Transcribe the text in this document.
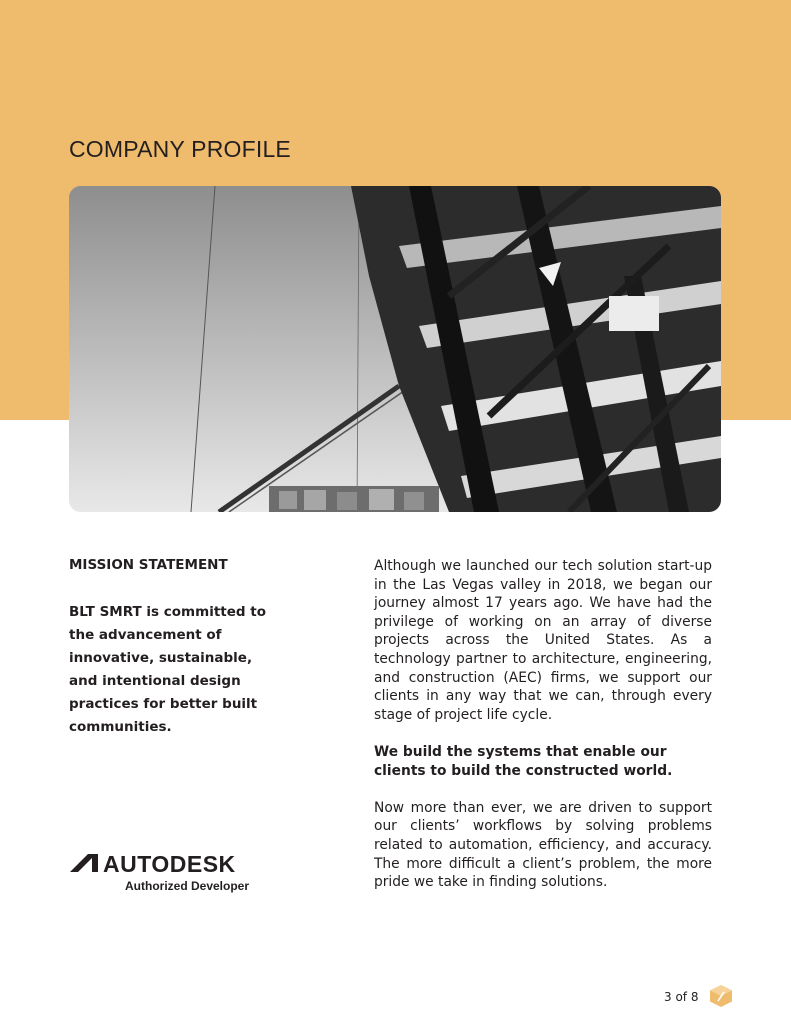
COMPANY PROFILE
MISSION STATEMENT

BLT SMRT is committed to the advancement of innovative, sustainable, and intentional design practices for better built communities.

Although we launched our tech solution start-up in the Las Vegas valley in 2018, we began our journey almost 17 years ago. We have had the privilege of working on an array of diverse projects across the United States. As a technology partner to architecture, engineering, and construction (AEC) firms, we support our clients in any way that we can, through every stage of project life cycle.

We build the systems that enable our clients to build the constructed world.

Now more than ever, we are driven to support our clients’ workflows by solving problems related to automation, efficiency, and accuracy. The more difficult a client’s problem, the more pride we take in finding solutions.

AUTODESK
Authorized Developer
3 of 8
